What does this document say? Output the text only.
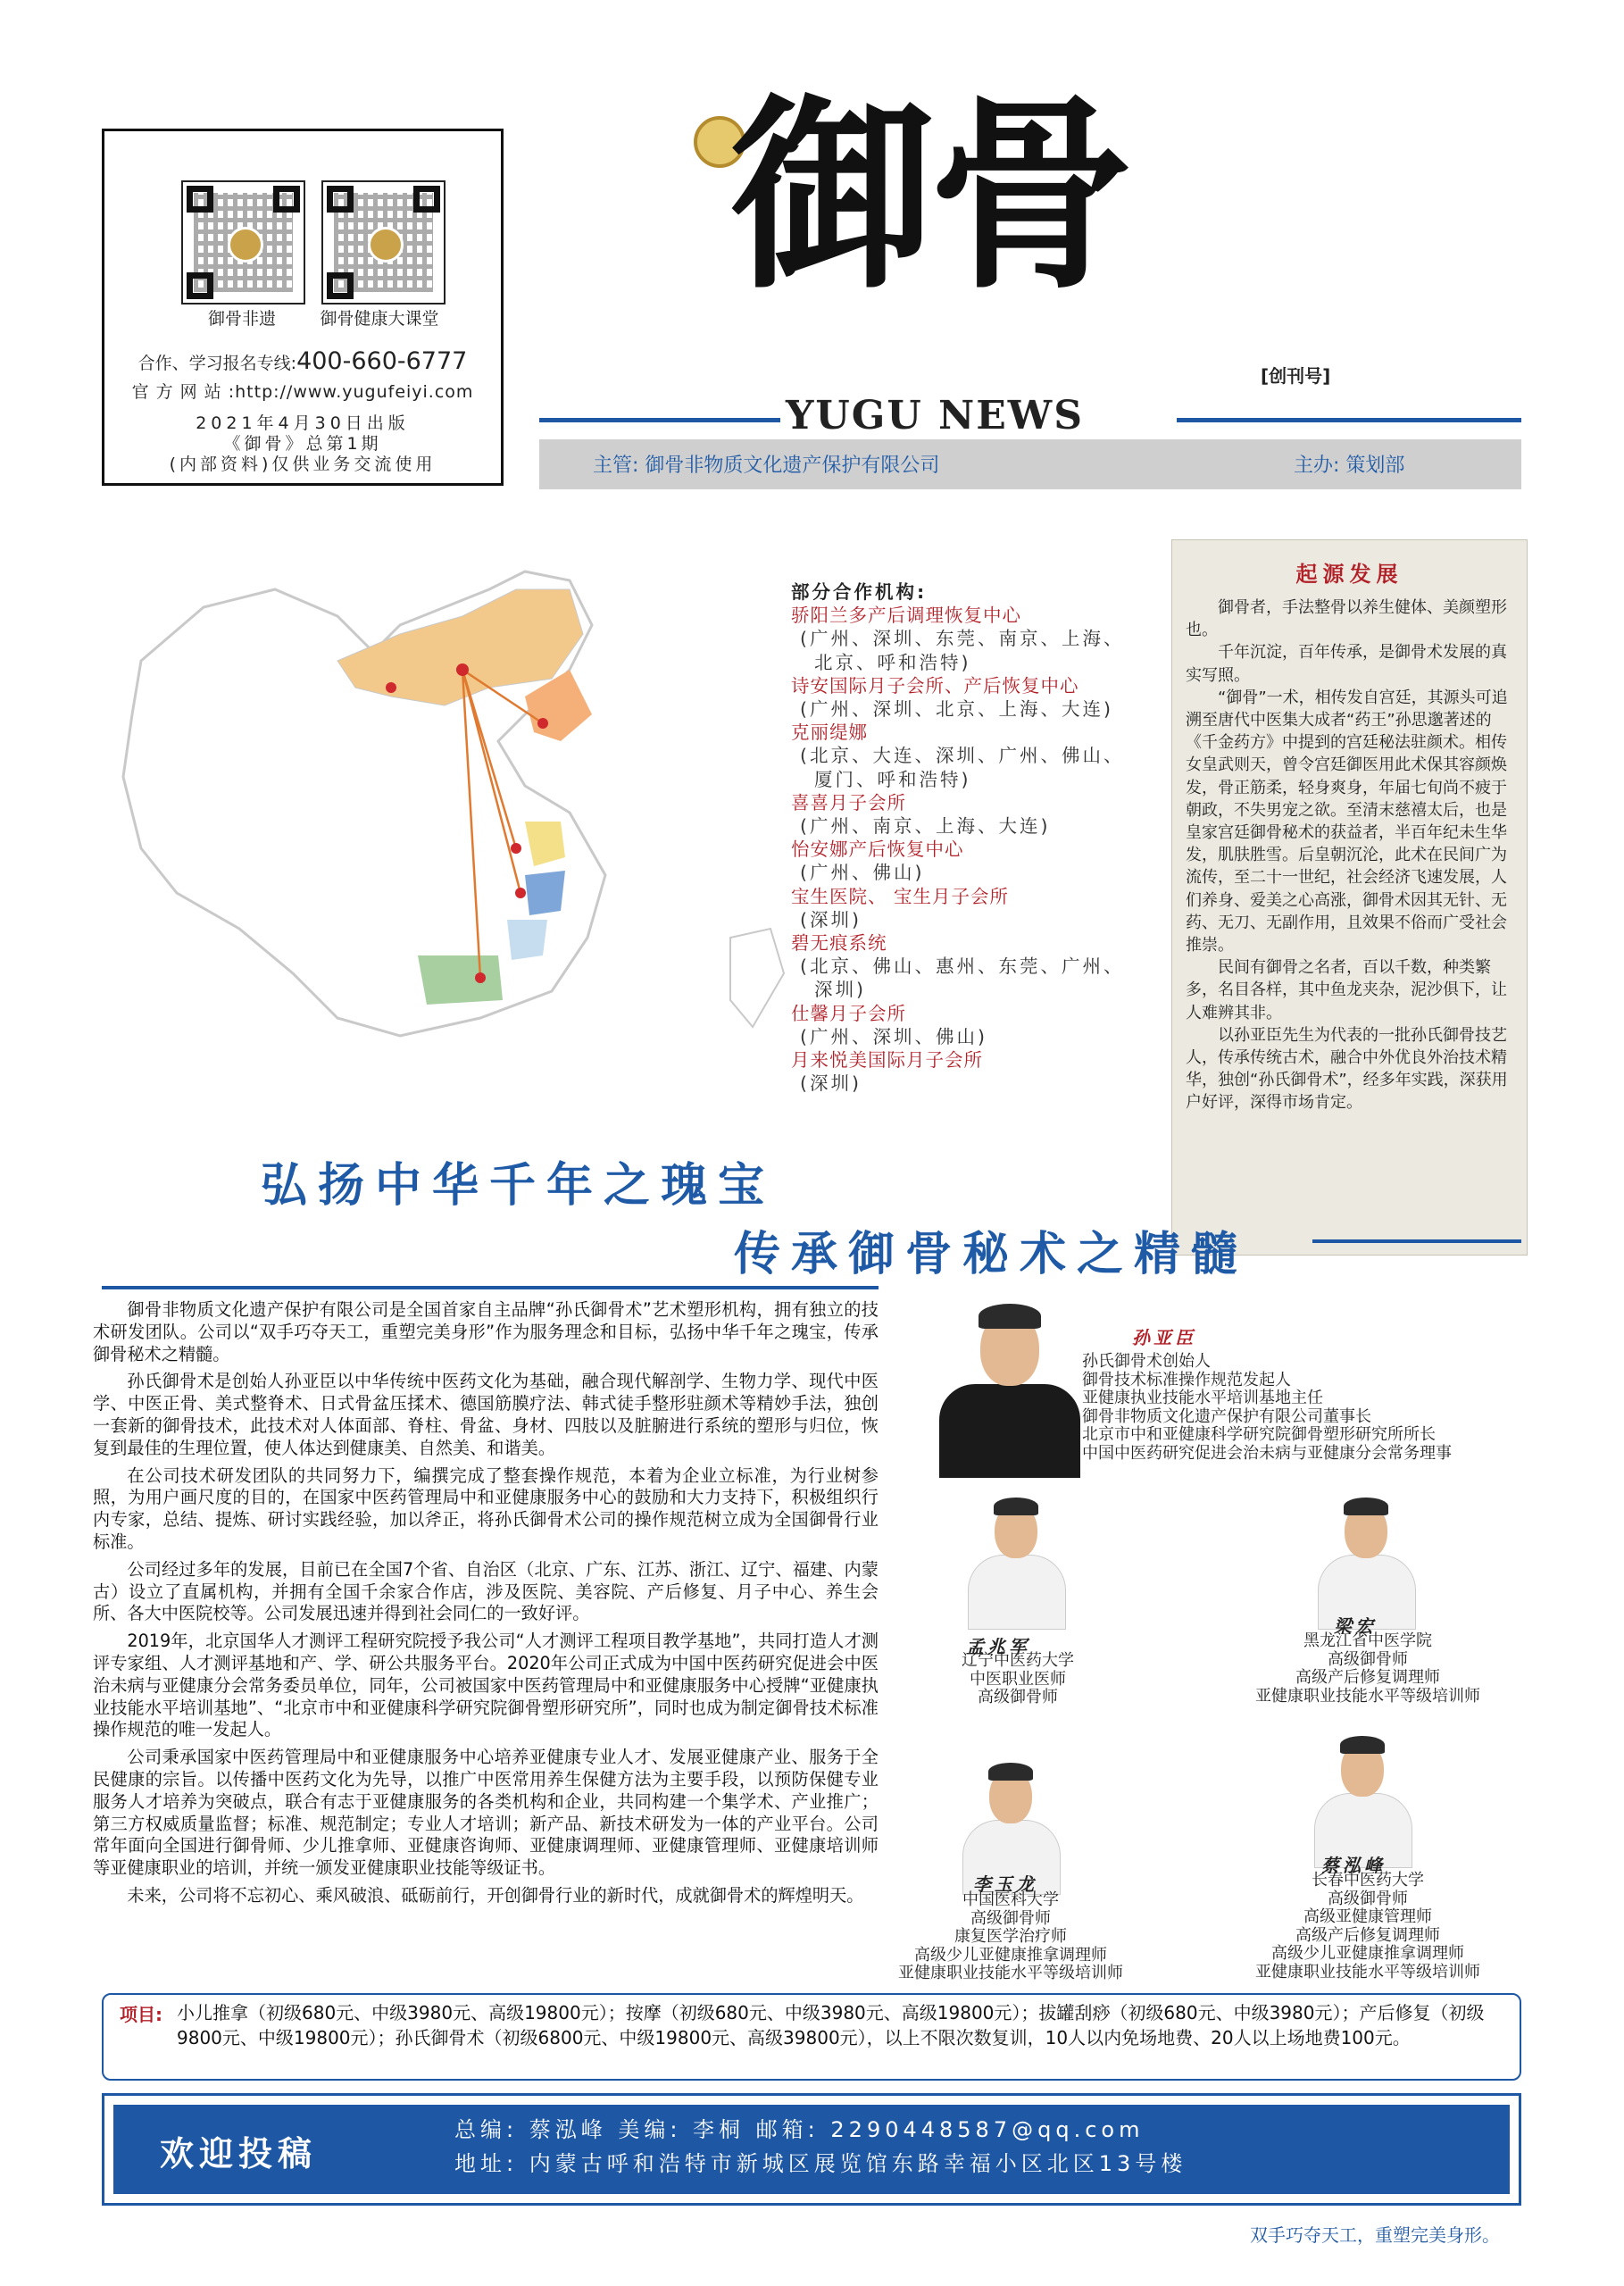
御骨非遗	御骨健康大课堂
合作、学习报名专线:400-660-6777
官 方 网 站 :http://www.yugufeiyi.com
2021年4月30日出版
《御骨》总第1期
(内部资料)仅供业务交流使用
御骨
[创刊号]
YUGU NEWS
主管: 御骨非物质文化遗产保护有限公司	主办: 策划部
部分合作机构:
骄阳兰多产后调理恢复中心
(广州、深圳、东莞、南京、上海、
北京、呼和浩特)
诗安国际月子会所、产后恢复中心
(广州、深圳、北京、上海、大连)
克丽缇娜
(北京、大连、深圳、广州、佛山、
厦门、呼和浩特)
喜喜月子会所
(广州、南京、上海、大连)
怡安娜产后恢复中心
(广州、佛山)
宝生医院、 宝生月子会所
(深圳)
碧无痕系统
(北京、佛山、惠州、东莞、广州、
深圳)
仕馨月子会所
(广州、深圳、佛山)
月来悦美国际月子会所
(深圳)
起源发展

御骨者，手法整骨以养生健体、美颜塑形也。

千年沉淀，百年传承，是御骨术发展的真实写照。

“御骨”一术，相传发自宫廷，其源头可追溯至唐代中医集大成者“药王”孙思邈著述的《千金药方》中提到的宫廷秘法驻颜术。相传女皇武则天，曾令宫廷御医用此术保其容颜焕发，骨正筋柔，轻身爽身，年届七旬尚不疲于朝政，不失男宠之欲。至清末慈禧太后，也是皇家宫廷御骨秘术的获益者，半百年纪未生华发，肌肤胜雪。后皇朝沉沦，此术在民间广为流传，至二十一世纪，社会经济飞速发展，人们养身、爱美之心高涨，御骨术因其无针、无药、无刀、无副作用，且效果不俗而广受社会推崇。

民间有御骨之名者，百以千数，种类繁多，名目各样，其中鱼龙夹杂，泥沙俱下，让人难辨其非。

以孙亚臣先生为代表的一批孙氏御骨技艺人，传承传统古术，融合中外优良外治技术精华，独创“孙氏御骨术”，经多年实践，深获用户好评，深得市场肯定。

弘扬中华千年之瑰宝
传承御骨秘术之精髓

御骨非物质文化遗产保护有限公司是全国首家自主品牌“孙氏御骨术”艺术塑形机构，拥有独立的技术研发团队。公司以“双手巧夺天工，重塑完美身形”作为服务理念和目标，弘扬中华千年之瑰宝，传承御骨秘术之精髓。

孙氏御骨术是创始人孙亚臣以中华传统中医药文化为基础，融合现代解剖学、生物力学、现代中医学、中医正骨、美式整脊术、日式骨盆压揉术、德国筋膜疗法、韩式徒手整形驻颜术等精妙手法，独创一套新的御骨技术，此技术对人体面部、脊柱、骨盆、身材、四肢以及脏腑进行系统的塑形与归位，恢复到最佳的生理位置，使人体达到健康美、自然美、和谐美。

在公司技术研发团队的共同努力下，编撰完成了整套操作规范，本着为企业立标准，为行业树参照，为用户画尺度的目的，在国家中医药管理局中和亚健康服务中心的鼓励和大力支持下，积极组织行内专家，总结、提炼、研讨实践经验，加以斧正，将孙氏御骨术公司的操作规范树立成为全国御骨行业标准。

公司经过多年的发展，目前已在全国7个省、自治区（北京、广东、江苏、浙江、辽宁、福建、内蒙古）设立了直属机构，并拥有全国千余家合作店，涉及医院、美容院、产后修复、月子中心、养生会所、各大中医院校等。公司发展迅速并得到社会同仁的一致好评。

2019年，北京国华人才测评工程研究院授予我公司“人才测评工程项目教学基地”，共同打造人才测评专家组、人才测评基地和产、学、研公共服务平台。2020年公司正式成为中国中医药研究促进会中医治未病与亚健康分会常务委员单位，同年，公司被国家中医药管理局中和亚健康服务中心授牌“亚健康执业技能水平培训基地”、“北京市中和亚健康科学研究院御骨塑形研究所”，同时也成为制定御骨技术标准操作规范的唯一发起人。

公司秉承国家中医药管理局中和亚健康服务中心培养亚健康专业人才、发展亚健康产业、服务于全民健康的宗旨。以传播中医药文化为先导，以推广中医常用养生保健方法为主要手段，以预防保健专业服务人才培养为突破点，联合有志于亚健康服务的各类机构和企业，共同构建一个集学术、产业推广；第三方权威质量监督；标准、规范制定；专业人才培训；新产品、新技术研发为一体的产业平台。公司常年面向全国进行御骨师、少儿推拿师、亚健康咨询师、亚健康调理师、亚健康管理师、亚健康培训师等亚健康职业的培训，并统一颁发亚健康职业技能等级证书。

未来，公司将不忘初心、乘风破浪、砥砺前行，开创御骨行业的新时代，成就御骨术的辉煌明天。

孙亚臣
孙氏御骨术创始人
御骨技术标准操作规范发起人
亚健康执业技能水平培训基地主任
御骨非物质文化遗产保护有限公司董事长
北京市中和亚健康科学研究院御骨塑形研究所所长
中国中医药研究促进会治未病与亚健康分会常务理事
孟兆军
辽宁中医药大学
中医职业医师
高级御骨师
梁宏
黑龙江省中医学院
高级御骨师
高级产后修复调理师
亚健康职业技能水平等级培训师
李玉龙
中国医科大学
高级御骨师
康复医学治疗师
高级少儿亚健康推拿调理师
亚健康职业技能水平等级培训师
蔡泓峰
长春中医药大学
高级御骨师
高级亚健康管理师
高级产后修复调理师
高级少儿亚健康推拿调理师
亚健康职业技能水平等级培训师
项目: 小儿推拿（初级680元、中级3980元、高级19800元）；按摩（初级680元、中级3980元、高级19800元）；拔罐刮痧（初级680元、中级3980元）；产后修复（初级9800元、中级19800元）；孙氏御骨术（初级6800元、中级19800元、高级39800元），以上不限次数复训，10人以内免场地费、20人以上场地费100元。
欢迎投稿
总编: 蔡泓峰 美编: 李桐 邮箱: 2290448587@qq.com
地址: 内蒙古呼和浩特市新城区展览馆东路幸福小区北区13号楼
双手巧夺天工，重塑完美身形。
